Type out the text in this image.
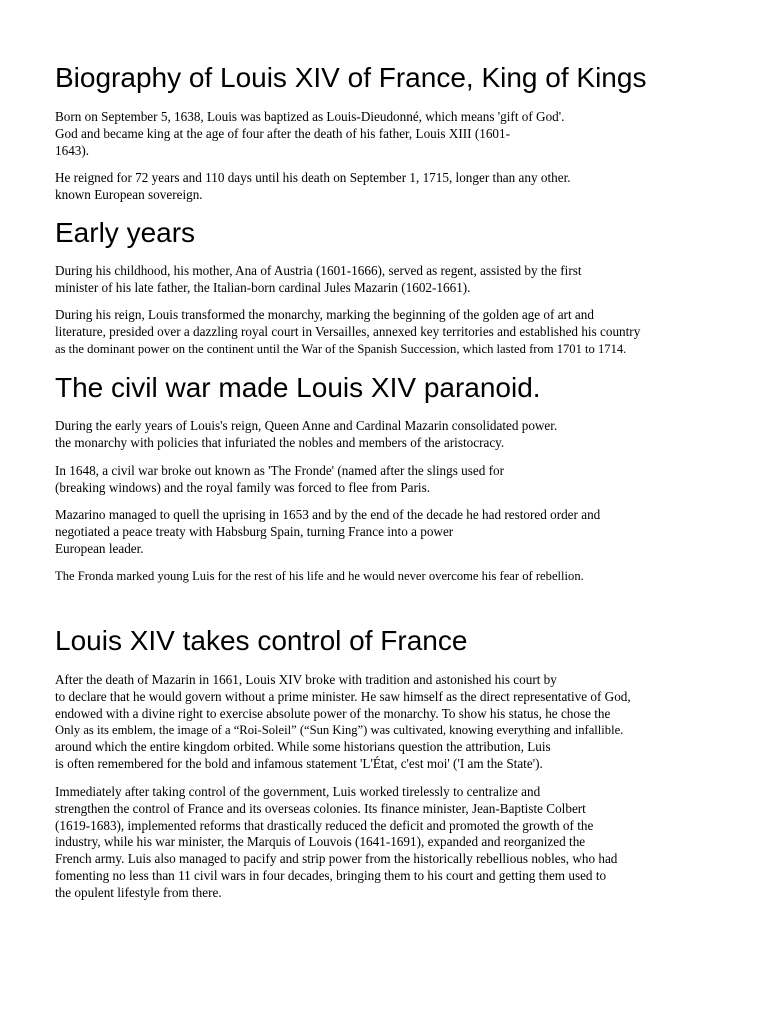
Biography of Louis XIV of France, King of Kings
Born on September 5, 1638, Louis was baptized as Louis-Dieudonné, which means 'gift of God'.
God and became king at the age of four after the death of his father, Louis XIII (1601-
1643).
He reigned for 72 years and 110 days until his death on September 1, 1715, longer than any other.
known European sovereign.
Early years
During his childhood, his mother, Ana of Austria (1601-1666), served as regent, assisted by the first
minister of his late father, the Italian-born cardinal Jules Mazarin (1602-1661).
During his reign, Louis transformed the monarchy, marking the beginning of the golden age of art and
literature, presided over a dazzling royal court in Versailles, annexed key territories and established his country
as the dominant power on the continent until the War of the Spanish Succession, which lasted from 1701 to 1714.
The civil war made Louis XIV paranoid.
During the early years of Louis's reign, Queen Anne and Cardinal Mazarin consolidated power.
the monarchy with policies that infuriated the nobles and members of the aristocracy.
In 1648, a civil war broke out known as 'The Fronde' (named after the slings used for
(breaking windows) and the royal family was forced to flee from Paris.
Mazarino managed to quell the uprising in 1653 and by the end of the decade he had restored order and
negotiated a peace treaty with Habsburg Spain, turning France into a power
European leader.
The Fronda marked young Luis for the rest of his life and he would never overcome his fear of rebellion.
Louis XIV takes control of France
After the death of Mazarin in 1661, Louis XIV broke with tradition and astonished his court by
to declare that he would govern without a prime minister. He saw himself as the direct representative of God,
endowed with a divine right to exercise absolute power of the monarchy. To show his status, he chose the
Only as its emblem, the image of a “Roi-Soleil” (“Sun King”) was cultivated, knowing everything and infallible.
around which the entire kingdom orbited. While some historians question the attribution, Luis
is often remembered for the bold and infamous statement 'L'État, c'est moi' ('I am the State').
Immediately after taking control of the government, Luis worked tirelessly to centralize and
strengthen the control of France and its overseas colonies. Its finance minister, Jean-Baptiste Colbert
(1619-1683), implemented reforms that drastically reduced the deficit and promoted the growth of the
industry, while his war minister, the Marquis of Louvois (1641-1691), expanded and reorganized the
French army. Luis also managed to pacify and strip power from the historically rebellious nobles, who had
fomenting no less than 11 civil wars in four decades, bringing them to his court and getting them used to
the opulent lifestyle from there.
